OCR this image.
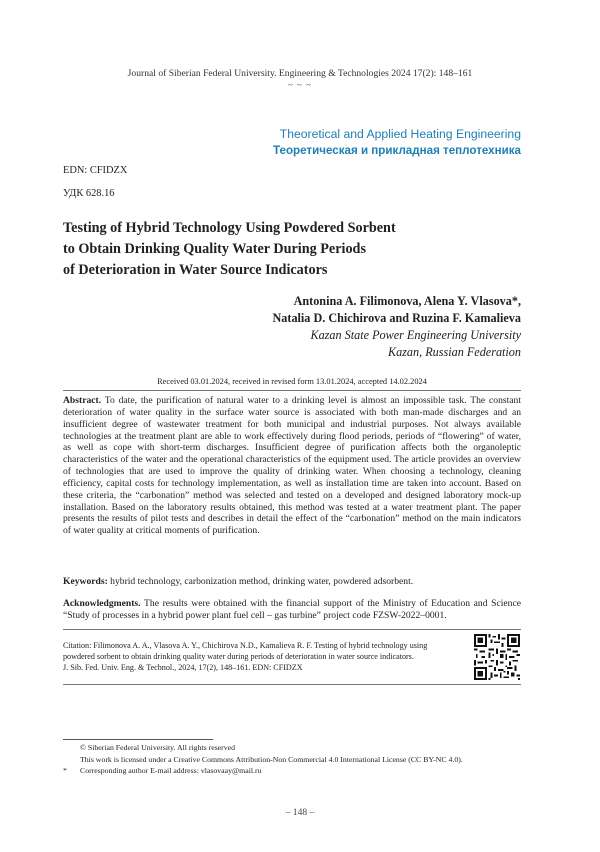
Journal of Siberian Federal University. Engineering & Technologies 2024 17(2): 148–161
~ ~ ~
Theoretical and Applied Heating Engineering
Теоретическая и прикладная теплотехника
EDN: CFIDZX
УДК 628.16
Testing of Hybrid Technology Using Powdered Sorbent
to Obtain Drinking Quality Water During Periods
of Deterioration in Water Source Indicators
Antonina A. Filimonova, Alena Y. Vlasova*,
Natalia D. Chichirova and Ruzina F. Kamalieva
Kazan State Power Engineering University
Kazan, Russian Federation
Received 03.01.2024, received in revised form 13.01.2024, accepted 14.02.2024
Abstract. To date, the purification of natural water to a drinking level is almost an impossible task. The constant deterioration of water quality in the surface water source is associated with both man-made discharges and an insufficient degree of wastewater treatment for both municipal and industrial purposes. Not always available technologies at the treatment plant are able to work effectively during flood periods, periods of “flowering” of water, as well as cope with short-term discharges. Insufficient degree of purification affects both the organoleptic characteristics of the water and the operational characteristics of the equipment used. The article provides an overview of technologies that are used to improve the quality of drinking water. When choosing a technology, cleaning efficiency, capital costs for technology implementation, as well as installation time are taken into account. Based on these criteria, the “carbonation” method was selected and tested on a developed and designed laboratory mock-up installation. Based on the laboratory results obtained, this method was tested at a water treatment plant. The paper presents the results of pilot tests and describes in detail the effect of the “carbonation” method on the main indicators of water quality at critical moments of purification.
Keywords: hybrid technology, carbonization method, drinking water, powdered adsorbent.
Acknowledgments. The results were obtained with the financial support of the Ministry of Education and Science “Study of processes in a hybrid power plant fuel cell – gas turbine” project code FZSW-2022–0001.
Citation: Filimonova A. A., Vlasova A. Y., Chichirova N.D., Kamalieva R. F. Testing of hybrid technology using
powdered sorbent to obtain drinking quality water during periods of deterioration in water source indicators.
J. Sib. Fed. Univ. Eng. & Technol., 2024, 17(2), 148–161. EDN: CFIDZX
© Siberian Federal University. All rights reserved
This work is licensed under a Creative Commons Attribution-Non Commercial 4.0 International License (CC BY-NC 4.0).
* Corresponding author E-mail address: vlasovaay@mail.ru
– 148 –
